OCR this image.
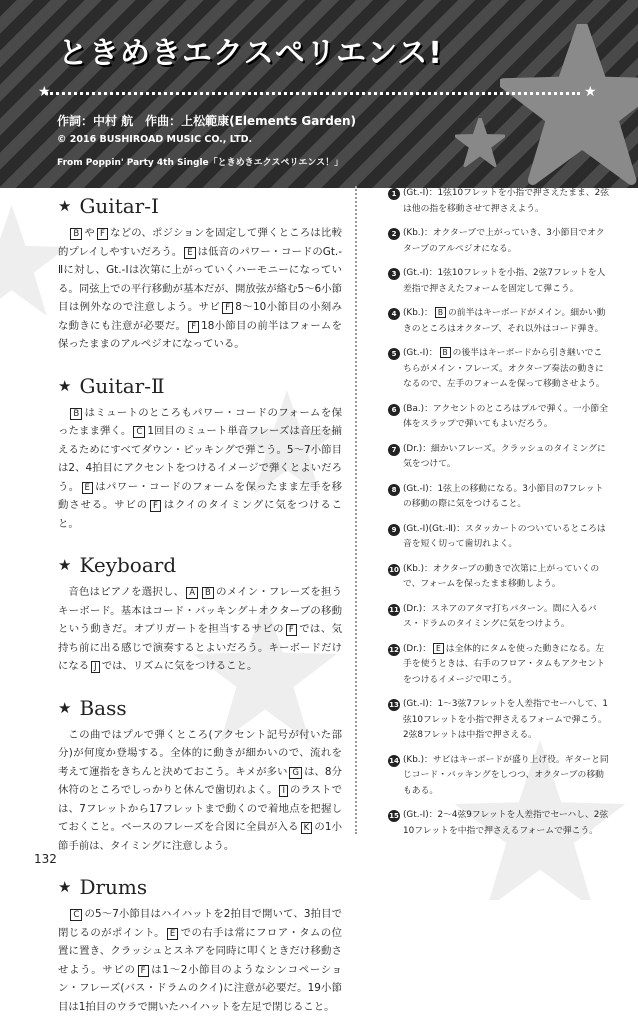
ときめきエクスペリエンス!
★	★
作詞：中村 航　作曲：上松範康(Elements Garden)
© 2016 BUSHIROAD MUSIC CO., LTD.
From Poppin' Party 4th Single「ときめきエクスペリエンス！」
★ Guitar-Ⅰ

B や F などの、ポジションを固定して弾くところは比較的プレイしやすいだろう。 E は低音のパワー・コードのGt.-Ⅱに対し、Gt.-Ⅰは次第に上がっていくハーモニーになっている。同弦上での平行移動が基本だが、開放弦が絡む5〜6小節目は例外なので注意しよう。サビ F 8〜10小節目の小刻みな動きにも注意が必要だ。 F 18小節目の前半はフォームを保ったままのアルペジオになっている。

★ Guitar-Ⅱ

B はミュートのところもパワー・コードのフォームを保ったまま弾く。 C 1回目のミュート単音フレーズは音圧を揃えるためにすべてダウン・ピッキングで弾こう。5〜7小節目は2、4拍目にアクセントをつけるイメージで弾くとよいだろう。 E はパワー・コードのフォームを保ったまま左手を移動させる。サビの F はクイのタイミングに気をつけること。

★ Keyboard

音色はピアノを選択し、 A B のメイン・フレーズを担うキーボード。基本はコード・バッキング＋オクターブの移動という動きだ。オブリガートを担当するサビの F では、気持ち前に出る感じで演奏するとよいだろう。キーボードだけになる J では、リズムに気をつけること。

★ Bass

この曲ではプルで弾くところ(アクセント記号が付いた部分)が何度か登場する。全体的に動きが細かいので、流れを考えて運指をきちんと決めておこう。キメが多い G は、8分休符のところでしっかりと休んで歯切れよく。 I のラストでは、7フレットから17フレットまで動くので着地点を把握しておくこと。ベースのフレーズを合図に全員が入る K の1小節手前は、タイミングに注意しよう。

★ Drums

C の5〜7小節目はハイハットを2拍目で開いて、3拍目で閉じるのがポイント。 E での右手は常にフロア・タムの位置に置き、クラッシュとスネアを同時に叩くときだけ移動させよう。サビの F は1〜2小節目のようなシンコペーション・フレーズ(バス・ドラムのクイ)に注意が必要だ。19小節目は1拍目のウラで開いたハイハットを左足で閉じること。

1 (Gt.-Ⅰ)：1弦10フレットを小指で押さえたまま、2弦は他の指を移動させて押さえよう。
2 (Kb.)：オクターブで上がっていき、3小節目でオクターブのアルペジオになる。
3 (Gt.-Ⅰ)：1弦10フレットを小指、2弦7フレットを人差指で押さえたフォームを固定して弾こう。
4 (Kb.)： B の前半はキーボードがメイン。細かい動きのところはオクターブ、それ以外はコード弾き。
5 (Gt.-Ⅰ)： B の後半はキーボードから引き継いでこちらがメイン・フレーズ。オクターブ奏法の動きになるので、左手のフォームを保って移動させよう。
6 (Ba.)：アクセントのところはプルで弾く。一小節全体をスラップで弾いてもよいだろう。
7 (Dr.)：細かいフレーズ。クラッシュのタイミングに気をつけて。
8 (Gt.-Ⅰ)：1弦上の移動になる。3小節目の7フレットの移動の際に気をつけること。
9 (Gt.-Ⅰ)(Gt.-Ⅱ)：スタッカートのついているところは音を短く切って歯切れよく。
10 (Kb.)：オクターブの動きで次第に上がっていくので、フォームを保ったまま移動しよう。
11 (Dr.)：スネアのアタマ打ちパターン。間に入るバス・ドラムのタイミングに気をつけよう。
12 (Dr.)： E は全体的にタムを使った動きになる。左手を使うときは、右手のフロア・タムもアクセントをつけるイメージで叩こう。
13 (Gt.-Ⅰ)：1〜3弦7フレットを人差指でセーハして、1弦10フレットを小指で押さえるフォームで弾こう。2弦8フレットは中指で押さえる。
14 (Kb.)：サビはキーボードが盛り上げ役。ギターと同じコード・バッキングをしつつ、オクターブの移動もある。
15 (Gt.-Ⅰ)：2〜4弦9フレットを人差指でセーハし、2弦10フレットを中指で押さえるフォームで弾こう。
132
